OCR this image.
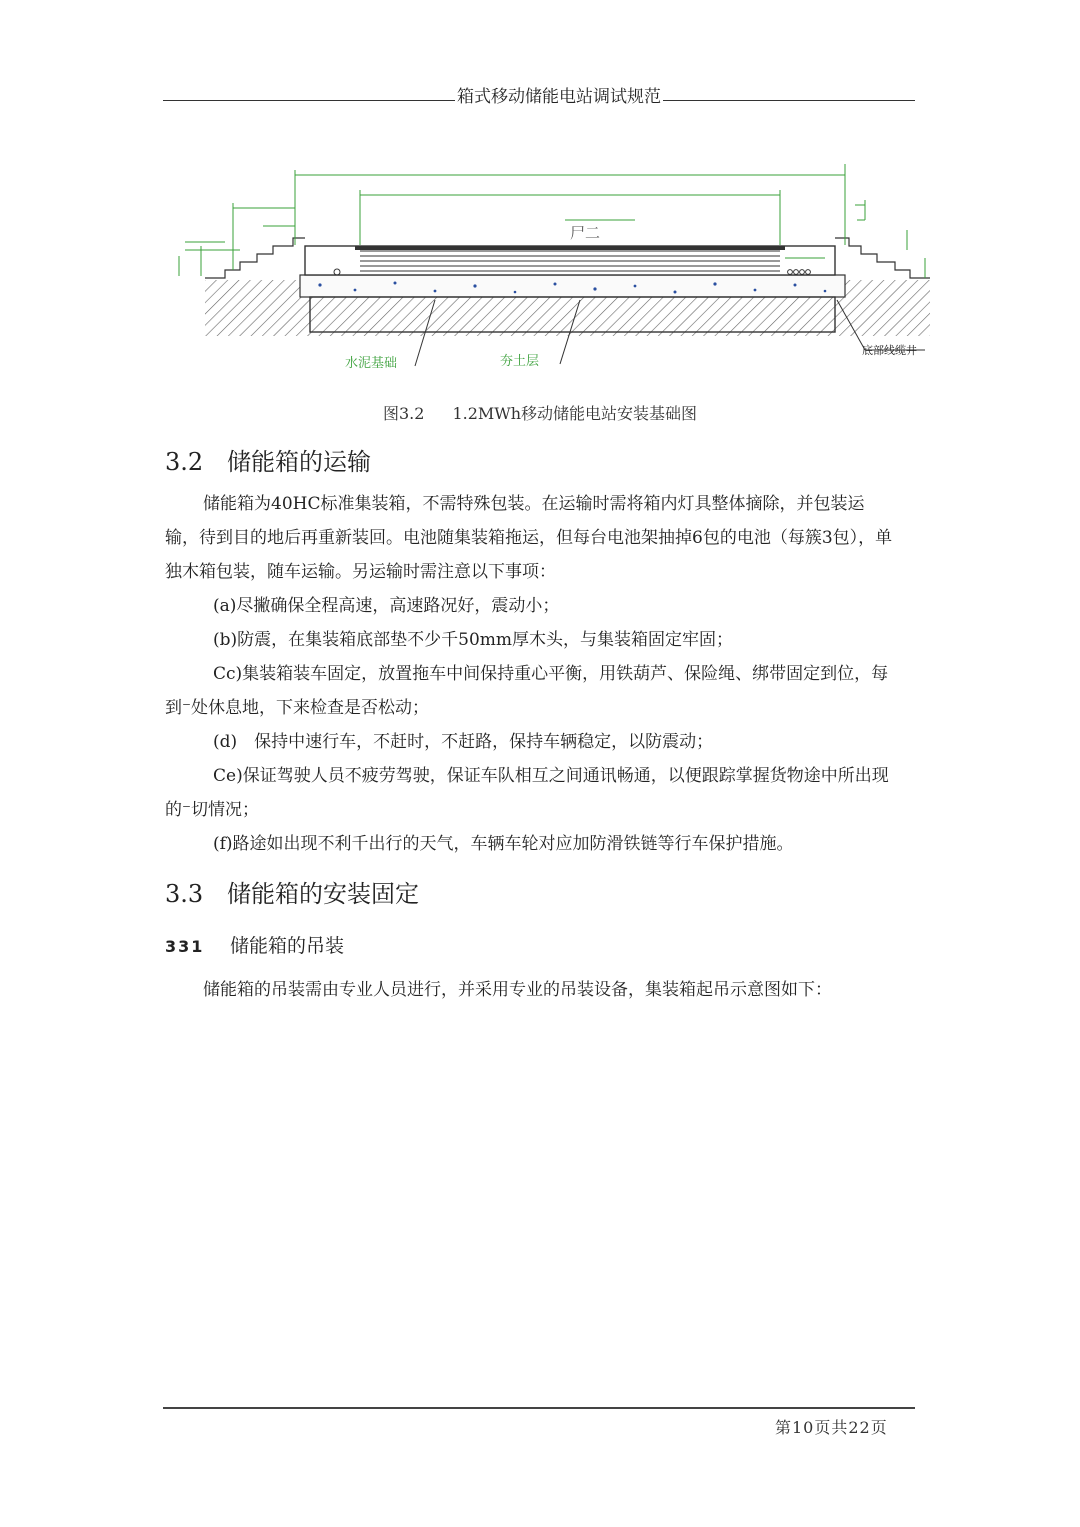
箱式移动储能电站调试规范
尸二
水泥基础	夯土层
底部线缆井
图3.2 1.2MWh移动储能电站安装基础图
3.2 储能箱的运输
储能箱为40HC标准集装箱，不需特殊包装。在运输时需将箱内灯具整体摘除，并包装运输，待到目的地后再重新装回。电池随集装箱拖运，但每台电池架抽掉6包的电池（每簇3包），单独木箱包装，随车运输。另运输时需注意以下事项：
(a)尽撇确保全程高速，高速路况好，震动小；
(b)防震，在集装箱底部垫不少千50mm厚木头，与集装箱固定牢固；
Cc)集装箱装车固定，放置拖车中间保持重心平衡，用铁葫芦、保险绳、绑带固定到位，每到⁻处休息地，下来检查是否松动；
(d)　保持中速行车，不赶时，不赶路，保持车辆稳定，以防震动；
Ce)保证驾驶人员不疲劳驾驶，保证车队相互之间通讯畅通，以便跟踪掌握货物途中所出现的⁻切情况；
(f)路途如出现不利千出行的天气，车辆车轮对应加防滑铁链等行车保护措施。
3.3 储能箱的安装固定
331 储能箱的吊装
储能箱的吊装需由专业人员进行，并采用专业的吊装设备，集装箱起吊示意图如下：
第10页共22页
